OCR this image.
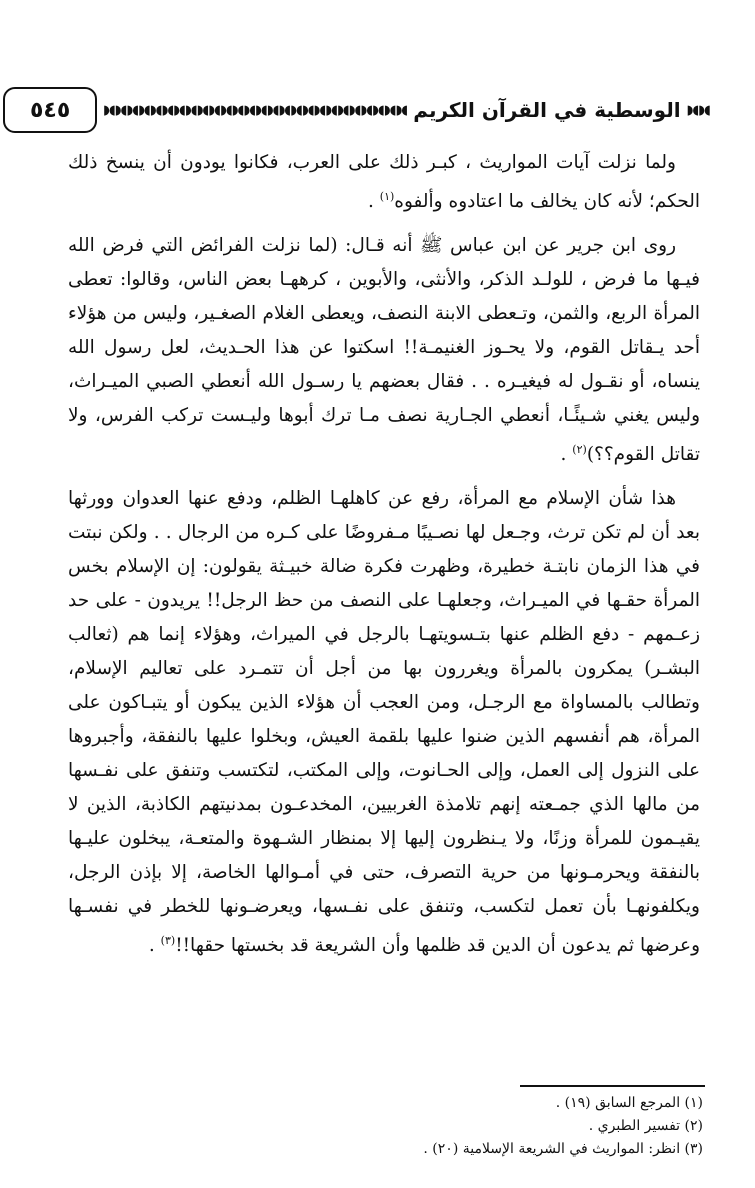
◖◗◖◗
الوسطية في القرآن الكريم
◖◗◖◗◖◗◖◗◖◗◖◗◖◗◖◗◖◗◖◗◖◗◖◗◖◗◖◗◖◗◖◗◖◗◖◗◖◗◖◗◖◗◖◗◖◗◖◗◖◗◖◗
٥٤٥

ولما نزلت آيات المواريث ، كبـر ذلك على العرب، فكانوا يودون أن ينسخ ذلك الحكم؛ لأنه كان يخالف ما اعتادوه وألفوه$^{(١)}$ .

روى ابن جرير عن ابن عباس ﷺ أنه قـال: (لما نزلت الفرائض التي فرض الله فيـها ما فرض ، للولـد الذكر، والأنثى، والأبوين ، كرههـا بعض الناس، وقالوا: تعطى المرأة الربع، والثمن، وتـعطى الابنة النصف، ويعطى الغلام الصغـير، وليس من هؤلاء أحد يـقاتل القوم، ولا يحـوز الغنيمـة!! اسكتوا عن هذا الحـديث، لعل رسول الله ينساه، أو نقـول له فيغيـره . . فقال بعضهم يا رسـول الله أنعطي الصبي الميـراث، وليس يغني شـيئًـا، أنعطي الجـارية نصف مـا ترك أبوها وليـست تركب الفرس، ولا تقاتل القوم؟؟)$^{(٢)}$ .

هذا شأن الإسلام مع المرأة، رفع عن كاهلهـا الظلم، ودفع عنها العدوان وورثها بعد أن لم تكن ترث، وجـعل لها نصـيبًا مـفروضًا على كـره من الرجال . . ولكن نبتت في هذا الزمان نابتـة خطيرة، وظهرت فكرة ضالة خبيـثة يقولون: إن الإسلام بخس المرأة حقـها في الميـراث، وجعلهـا على النصف من حظ الرجل!! يريدون - على حد زعـمهم - دفع الظلم عنها بتـسويتهـا بالرجل في الميراث، وهؤلاء إنما هم (ثعالب البشـر) يمكرون بالمرأة ويغررون بها من أجل أن تتمـرد على تعاليم الإسلام، وتطالب بالمساواة مع الرجـل، ومن العجب أن هؤلاء الذين يبكون أو يتبـاكون على المرأة، هم أنفسهم الذين ضنوا عليها بلقمة العيش، وبخلوا عليها بالنفقة، وأجبروها على النزول إلى العمل، وإلى الحـانوت، وإلى المكتب، لتكتسب وتنفق على نفـسها من مالها الذي جمـعته إنهم تلامذة الغربيين، المخدعـون بمدنيتهم الكاذبة، الذين لا يقيـمون للمرأة وزنًا، ولا يـنظرون إليها إلا بمنظار الشـهوة والمتعـة، يبخلون عليـها بالنفقة ويحرمـونها من حرية التصرف، حتى في أمـوالها الخاصة، إلا بإذن الرجل، ويكلفونهـا بأن تعمل لتكسب، وتنفق على نفـسها، ويعرضـونها للخطر في نفسـها وعرضها ثم يدعون أن الدين قد ظلمها وأن الشريعة قد بخستها حقها!!$^{(٣)}$ .

(١) المرجع السابق (١٩) .

(٢) تفسير الطبري .

(٣) انظر: المواريث في الشريعة الإسلامية (٢٠) .
